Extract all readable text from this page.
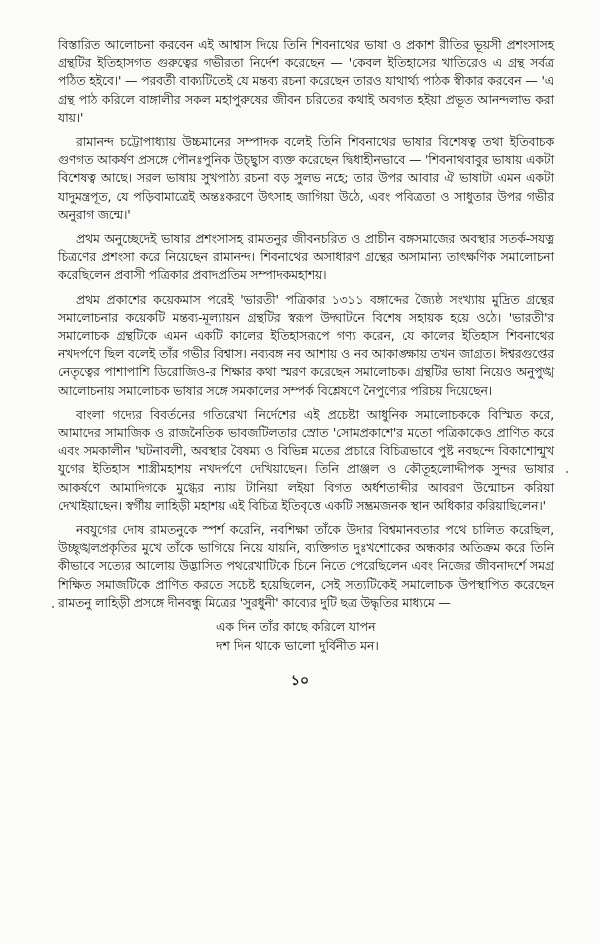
বিস্তারিত আলোচনা করবেন এই আশ্বাস দিয়ে তিনি শিবনাথের ভাষা ও প্রকাশ রীতির ভূয়সী প্রশংসাসহ গ্রন্থটির ইতিহাসগত গুরুত্বের গভীরতা নির্দেশ করেছেন — 'কেবল ইতিহাসের খাতিরেও এ গ্রন্থ সর্বত্র পঠিত হইবে।' — পরবর্তী বাক্যটিতেই যে মন্তব্য রচনা করেছেন তারও যাথার্থ্য পাঠক স্বীকার করবেন — 'এ গ্রন্থ পাঠ করিলে বাঙ্গালীর সকল মহাপুরুষের জীবন চরিতের কথাই অবগত হইয়া প্রভূত আনন্দলাভ করা যায়।'

রামানন্দ চট্টোপাধ্যায় উচ্চমানের সম্পাদক বলেই তিনি শিবনাথের ভাষার বিশেষত্ব তথা ইতিবাচক গুণগত আকর্ষণ প্রসঙ্গে পৌনঃপুনিক উচ্ছ্বাস ব্যক্ত করেছেন দ্বিধাহীনভাবে — 'শিবনাথবাবুর ভাষায় একটা বিশেষত্ব আছে। সরল ভাষায় সুখপাঠ্য রচনা বড় সুলভ নহে; তার উপর আবার ঐ ভাষাটা এমন একটা যাদুমন্ত্রপূত, যে পড়িবামাত্রেই অন্তঃকরণে উৎসাহ জাগিয়া উঠে, এবং পবিত্রতা ও সাধুতার উপর গভীর অনুরাগ জন্মে।'

প্রথম অনুচ্ছেদেই ভাষার প্রশংসাসহ রামতনুর জীবনচরিত ও প্রাচীন বঙ্গসমাজের অবস্থার সতর্ক-সযত্ন চিত্রণের প্রশংসা করে নিয়েছেন রামানন্দ। শিবনাথের অসাধারণ গ্রন্থের অসামান্য তাৎক্ষণিক সমালোচনা করেছিলেন প্রবাসী পত্রিকার প্রবাদপ্রতিম সম্পাদকমহাশয়।

প্রথম প্রকাশের কয়েকমাস পরেই 'ভারতী' পত্রিকার ১৩১১ বঙ্গাব্দের জ্যৈষ্ঠ সংখ্যায় মুদ্রিত গ্রন্থের সমালোচনার কয়েকটি মন্তব্য-মূল্যায়ন গ্রন্থটির স্বরূপ উদ্ঘাটনে বিশেষ সহায়ক হয়ে ওঠে। 'ভারতী'র সমালোচক গ্রন্থটিকে এমন একটি কালের ইতিহাসরূপে গণ্য করেন, যে কালের ইতিহাস শিবনাথের নখদর্পণে ছিল বলেই তাঁর গভীর বিশ্বাস। নব্যবঙ্গ নব আশায় ও নব আকাঙ্ক্ষায় তখন জাগ্রত। ঈশ্বরগুপ্তের নেতৃত্বের পাশাপাশি ডিরোজিও-র শিক্ষার কথা স্মরণ করেছেন সমালোচক। গ্রন্থটির ভাষা নিয়েও অনুপুঙ্খ আলোচনায় সমালোচক ভাষার সঙ্গে সমকালের সম্পর্ক বিশ্লেষণে নৈপুণ্যের পরিচয় দিয়েছেন।

বাংলা গদ্যের বিবর্তনের গতিরেখা নির্দেশের এই প্রচেষ্টা আধুনিক সমালোচককে বিস্মিত করে, আমাদের সামাজিক ও রাজনৈতিক ভাবজটিলতার স্রোত 'সোমপ্রকাশে'র মতো পত্রিকাকেও প্রাণিত করে এবং সমকালীন 'ঘটনাবলী, অবস্থার বৈষম্য ও বিভিন্ন মতের প্রচারে বিচিত্রভাবে পুষ্ট নবছন্দে বিকাশোন্মুখ যুগের ইতিহাস শাস্ত্রীমহাশয় নখদর্পণে দেখিয়াছেন। তিনি প্রাঞ্জল ও কৌতূহলোদ্দীপক সুন্দর ভাষার আকর্ষণে আমাদিগকে মুগ্ধের ন্যায় টানিয়া লইয়া বিগত অর্ধশতাব্দীর আবরণ উন্মোচন করিয়া দেখাইয়াছেন। স্বর্গীয় লাহিড়ী মহাশয় এই বিচিত্র ইতিবৃত্তে একটি সম্ভ্রমজনক স্থান অধিকার করিয়াছিলেন।'

নবযুগের দোষ রামতনুকে স্পর্শ করেনি, নবশিক্ষা তাঁকে উদার বিশ্বমানবতার পথে চালিত করেছিল, উচ্ছৃঙ্খলপ্রকৃতির মুখে তাঁকে ভাগিয়ে নিয়ে যায়নি, ব্যক্তিগত দুঃখশোকের অন্ধকার অতিক্রম করে তিনি কীভাবে সত্যের আলোয় উদ্ভাসিত পথরেখাটিকে চিনে নিতে পেরেছিলেন এবং নিজের জীবনাদর্শে সমগ্র শিক্ষিত সমাজটিকে প্রাণিত করতে সচেষ্ট হয়েছিলেন, সেই সত্যটিকেই সমালোচক উপস্থাপিত করেছেন রামতনু লাহিড়ী প্রসঙ্গে দীনবন্ধু মিত্রের 'সুরধুনী' কাব্যের দুটি ছত্র উদ্ধৃতির মাধ্যমে —

এক দিন তাঁর কাছে করিলে যাপন
দশ দিন থাকে ভালো দুর্বিনীত মন।
১০
